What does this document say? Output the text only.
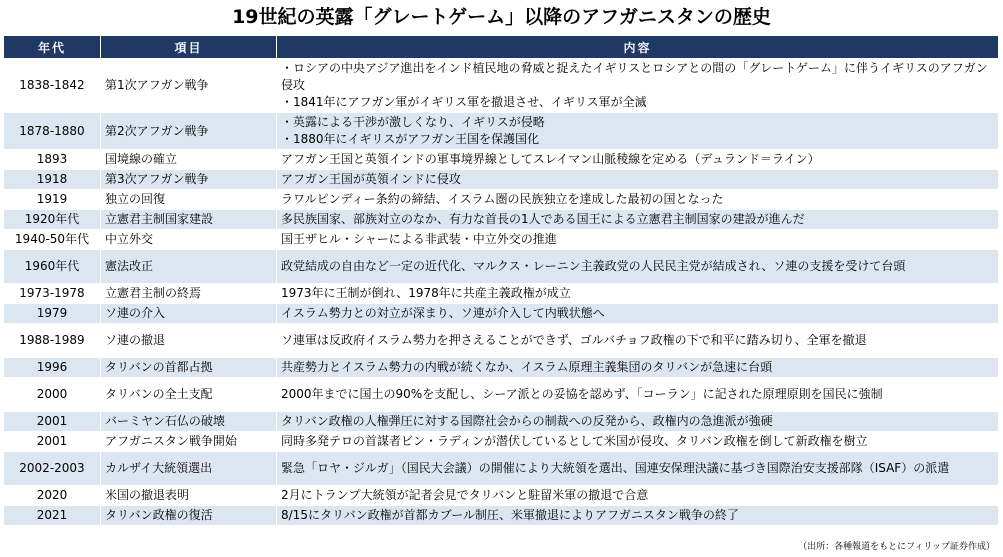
19世紀の英露「グレートゲーム」以降のアフガニスタンの歴史
年代	項目	内容
1838-1842	第1次アフガン戦争	・ロシアの中央アジア進出をインド植民地の脅威と捉えたイギリスとロシアとの間の「グレートゲーム」に伴うイギリスのアフガン侵攻
・1841年にアフガン軍がイギリス軍を撤退させ、イギリス軍が全滅

1878-1880	第2次アフガン戦争	・英露による干渉が激しくなり、イギリスが侵略
・1880年にイギリスがアフガン王国を保護国化

1893	国境線の確立	アフガン王国と英領インドの軍事境界線としてスレイマン山脈稜線を定める（デュランド＝ライン）

1918	第3次アフガン戦争	アフガン王国が英領インドに侵攻

1919	独立の回復	ラワルピンディー条約の締結、イスラム圏の民族独立を達成した最初の国となった

1920年代	立憲君主制国家建設	多民族国家、部族対立のなか、有力な首長の1人である国王による立憲君主制国家の建設が進んだ

1940-50年代	中立外交	国王ザヒル・シャーによる非武装・中立外交の推進

1960年代	憲法改正	政党結成の自由など一定の近代化、マルクス・レーニン主義政党の人民民主党が結成され、ソ連の支援を受けて台頭

1973-1978	立憲君主制の終焉	1973年に王制が倒れ、1978年に共産主義政権が成立

1979	ソ連の介入	イスラム勢力との対立が深まり、ソ連が介入して内戦状態へ

1988-1989	ソ連の撤退	ソ連軍は反政府イスラム勢力を押さえることができず、ゴルバチョフ政権の下で和平に踏み切り、全軍を撤退

1996	タリバンの首都占拠	共産勢力とイスラム勢力の内戦が続くなか、イスラム原理主義集団のタリバンが急速に台頭

2000	タリバンの全土支配	2000年までに国土の90%を支配し、シーア派との妥協を認めず、「コーラン」に記された原理原則を国民に強制

2001	バーミヤン石仏の破壊	タリバン政権の人権弾圧に対する国際社会からの制裁への反発から、政権内の急進派が強硬

2001	アフガニスタン戦争開始	同時多発テロの首謀者ビン・ラディンが潜伏しているとして米国が侵攻、タリバン政権を倒して新政権を樹立

2002-2003	カルザイ大統領選出	緊急「ロヤ・ジルガ」（国民大会議）の開催により大統領を選出、国連安保理決議に基づき国際治安支援部隊（ISAF）の派遣

2020	米国の撤退表明	2月にトランプ大統領が記者会見でタリバンと駐留米軍の撤退で合意

2021	タリバン政権の復活	8/15にタリバン政権が首都カブール制圧、米軍撤退によりアフガニスタン戦争の終了
（出所：各種報道をもとにフィリップ証券作成）
